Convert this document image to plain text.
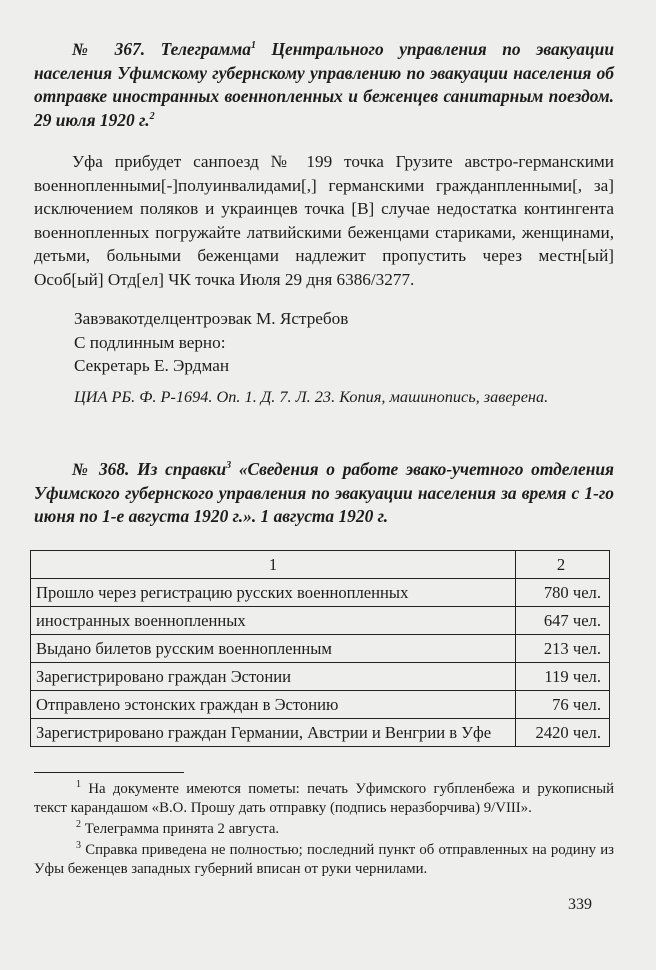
№ 367. Телеграмма$^1$ Центрального управления по эвакуации населения Уфимскому губернскому управлению по эвакуации населения об отправке иностранных военнопленных и беженцев санитарным поездом. 29 июля 1920 г.$^2$
Уфа прибудет санпоезд № 199 точка Грузите австро-германскими военнопленными[-]полуинвалидами[,] германскими гражданпленными[, за] исключением поляков и украинцев точка [В] случае недостатка контингента военнопленных погружайте латвийскими беженцами стариками, женщинами, детьми, больными беженцами надлежит пропустить через местн[ый] Особ[ый] Отд[ел] ЧК точка Июля 29 дня 6386/3277.
Завэвакотделцентроэвак М. Ястребов
С подлинным верно:
Секретарь Е. Эрдман
ЦИА РБ. Ф. Р-1694. Оп. 1. Д. 7. Л. 23. Копия, машинопись, заверена.
№ 368. Из справки$^3$ «Сведения о работе эвако-учетного отделения Уфимского губернского управления по эвакуации населения за время с 1-го июня по 1-е августа 1920 г.». 1 августа 1920 г.
1	2
Прошло через регистрацию русских военнопленных	780 чел.
иностранных военнопленных	647 чел.
Выдано билетов русским военнопленным	213 чел.
Зарегистрировано граждан Эстонии	119 чел.
Отправлено эстонских граждан в Эстонию	76 чел.
Зарегистрировано граждан Германии, Австрии и Венгрии в Уфе	2420 чел.

$^1$ На документе имеются пометы: печать Уфимского губпленбежа и рукописный текст карандашом «В.О. Прошу дать отправку (подпись неразборчива) 9/VIII».

$^2$ Телеграмма принята 2 августа.

$^3$ Справка приведена не полностью; последний пункт об отправленных на родину из Уфы беженцев западных губерний вписан от руки чернилами.

339
